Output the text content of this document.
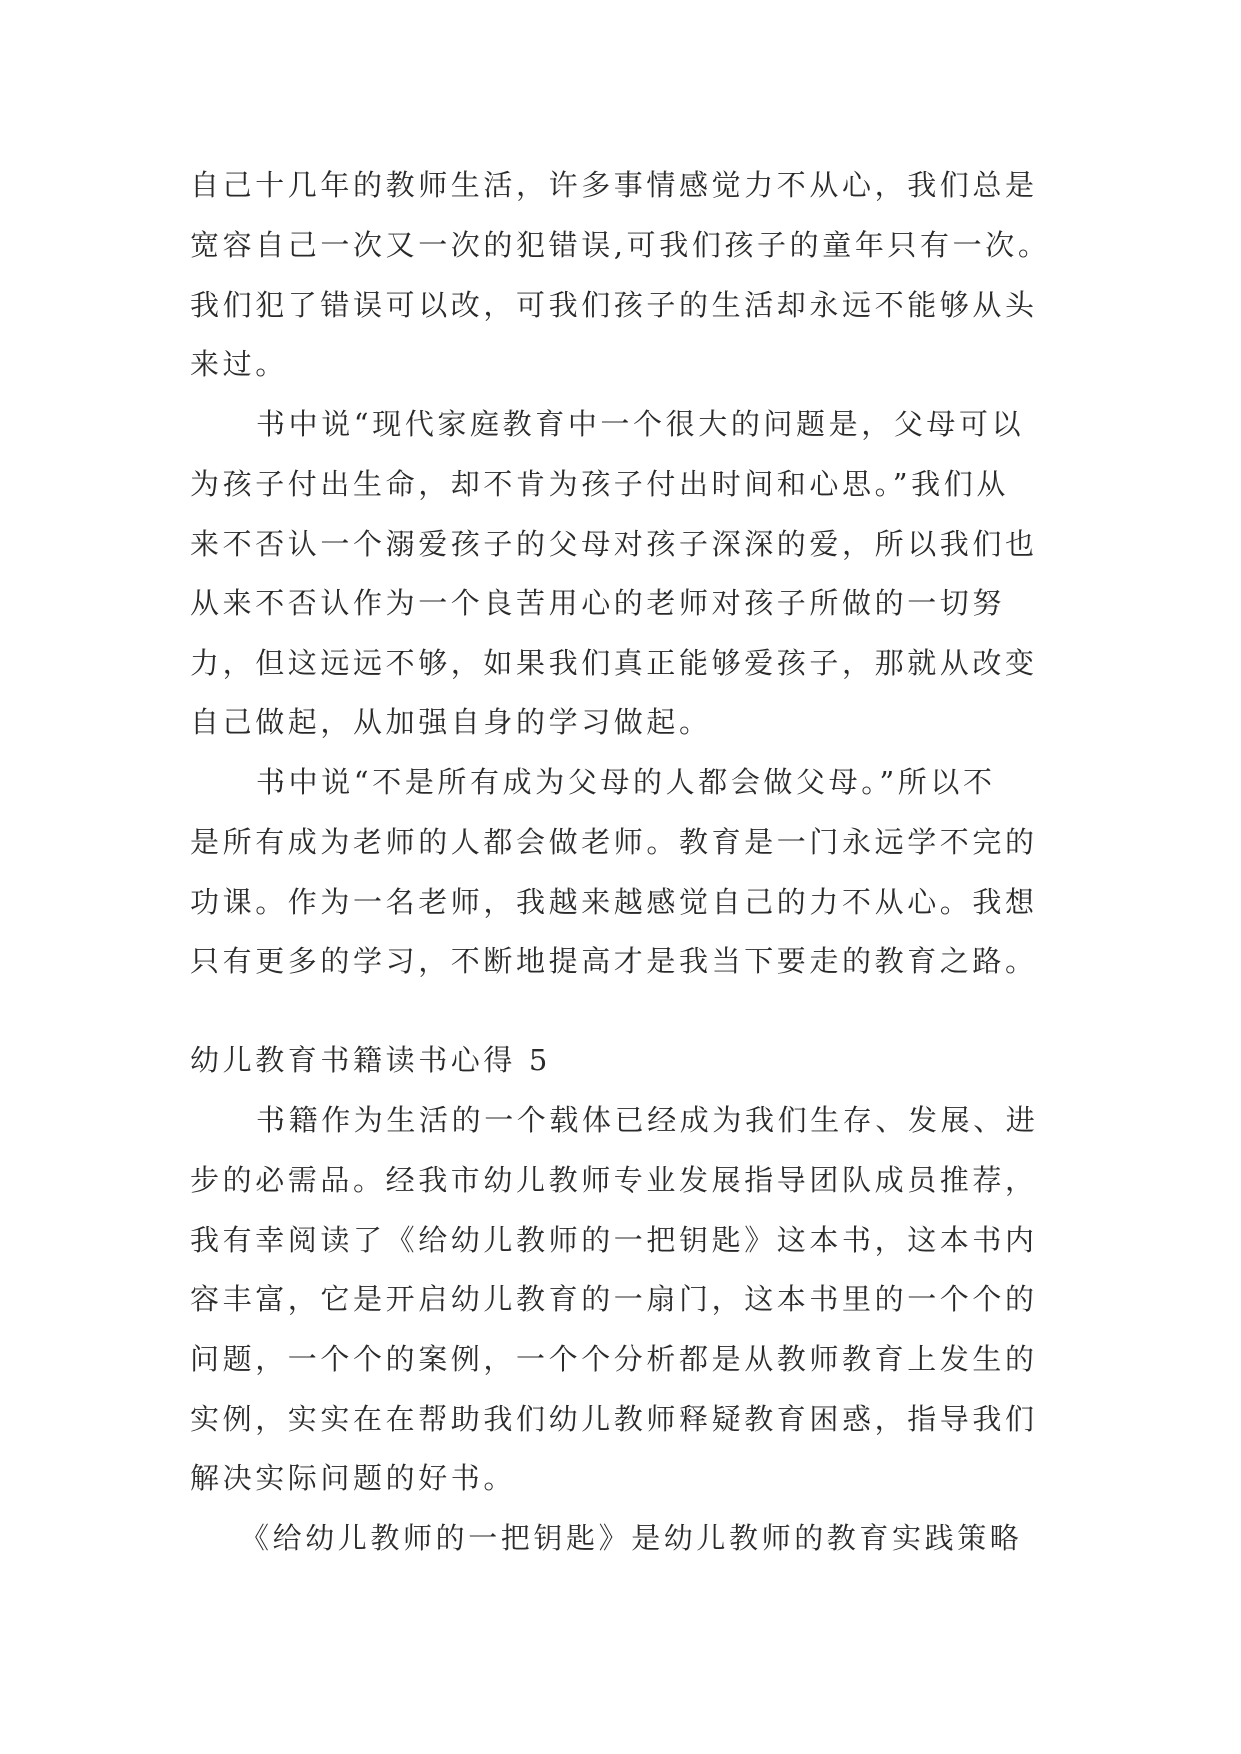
自己十几年的教师生活，许多事情感觉力不从心，我们总是
宽容自己一次又一次的犯错误,可我们孩子的童年只有一次。
我们犯了错误可以改，可我们孩子的生活却永远不能够从头
来过。
书中说“现代家庭教育中一个很大的问题是，父母可以
为孩子付出生命，却不肯为孩子付出时间和心思。”我们从
来不否认一个溺爱孩子的父母对孩子深深的爱，所以我们也
从来不否认作为一个良苦用心的老师对孩子所做的一切努
力，但这远远不够，如果我们真正能够爱孩子，那就从改变
自己做起，从加强自身的学习做起。
书中说“不是所有成为父母的人都会做父母。”所以不
是所有成为老师的人都会做老师。教育是一门永远学不完的
功课。作为一名老师，我越来越感觉自己的力不从心。我想
只有更多的学习，不断地提高才是我当下要走的教育之路。
幼儿教育书籍读书心得 5
书籍作为生活的一个载体已经成为我们生存、发展、进
步的必需品。经我市幼儿教师专业发展指导团队成员推荐，
我有幸阅读了《给幼儿教师的一把钥匙》这本书，这本书内
容丰富，它是开启幼儿教育的一扇门，这本书里的一个个的
问题，一个个的案例，一个个分析都是从教师教育上发生的
实例，实实在在帮助我们幼儿教师释疑教育困惑，指导我们
解决实际问题的好书。
《给幼儿教师的一把钥匙》是幼儿教师的教育实践策略
